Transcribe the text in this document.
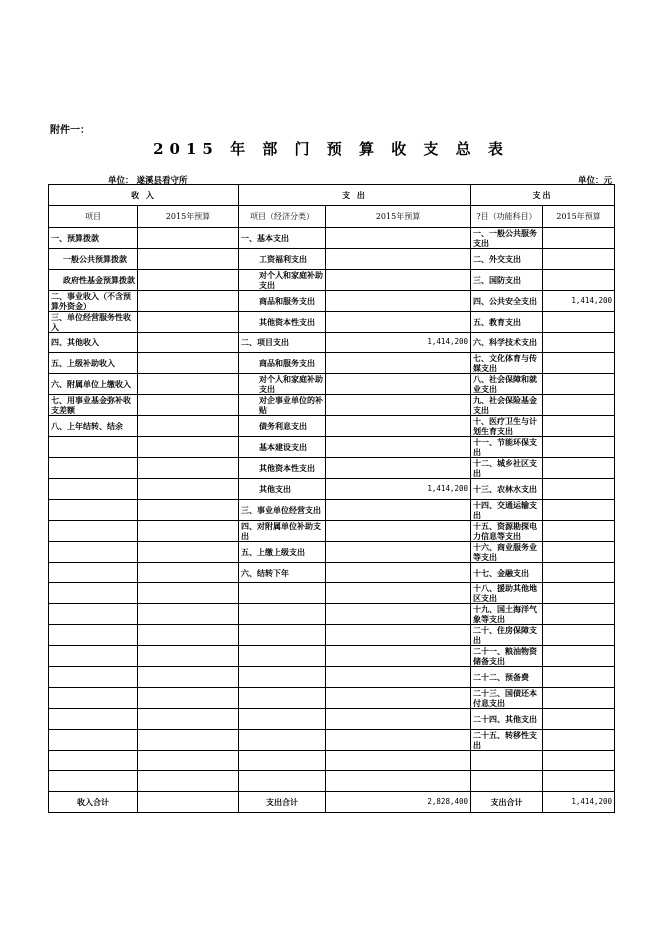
附件一：
2015 年 部 门 预 算 收 支 总 表
单位： 遂溪县看守所	单位：元
收 入		支 出		支出	
项目	2015年预算	项目（经济分类）	2015年预算	?目（功能科目）	2015年预算
一、预算拨款		一、基本支出		一、一般公共服务支出	
一般公共预算拨款		工资福利支出		二、外交支出	
政府性基金预算拨款		对个人和家庭补助支出		三、国防支出	
二、事业收入（不含预算外资金）		商品和服务支出		四、公共安全支出	1,414,200
三、单位经营服务性收入		其他资本性支出		五、教育支出	
四、其他收入		二、项目支出	1,414,200	六、科学技术支出	
五、上级补助收入		商品和服务支出		七、文化体育与传媒支出	
六、附属单位上缴收入		对个人和家庭补助支出		八、社会保障和就业支出	
七、用事业基金弥补收支差额		对企事业单位的补贴		九、社会保险基金支出	
八、上年结转、结余		债务利息支出		十、医疗卫生与计划生育支出	
		基本建设支出		十一、节能环保支出	
		其他资本性支出		十二、城乡社区支出	
		其他支出	1,414,200	十三、农林水支出	
		三、事业单位经营支出		十四、交通运输支出	
		四、对附属单位补助支出		十五、资源勘探电力信息等支出	
		五、上缴上级支出		十六、商业服务业等支出	
		六、结转下年		十七、金融支出	
				十八、援助其他地区支出	
				十九、国土海洋气象等支出	
				二十、住房保障支出	
				二十一、粮油物资储备支出	
				二十二、预备费	
				二十三、国债还本付息支出	
				二十四、其他支出	
				二十五、转移性支出	

收入合计		支出合计	2,828,400	支出合计	1,414,200
